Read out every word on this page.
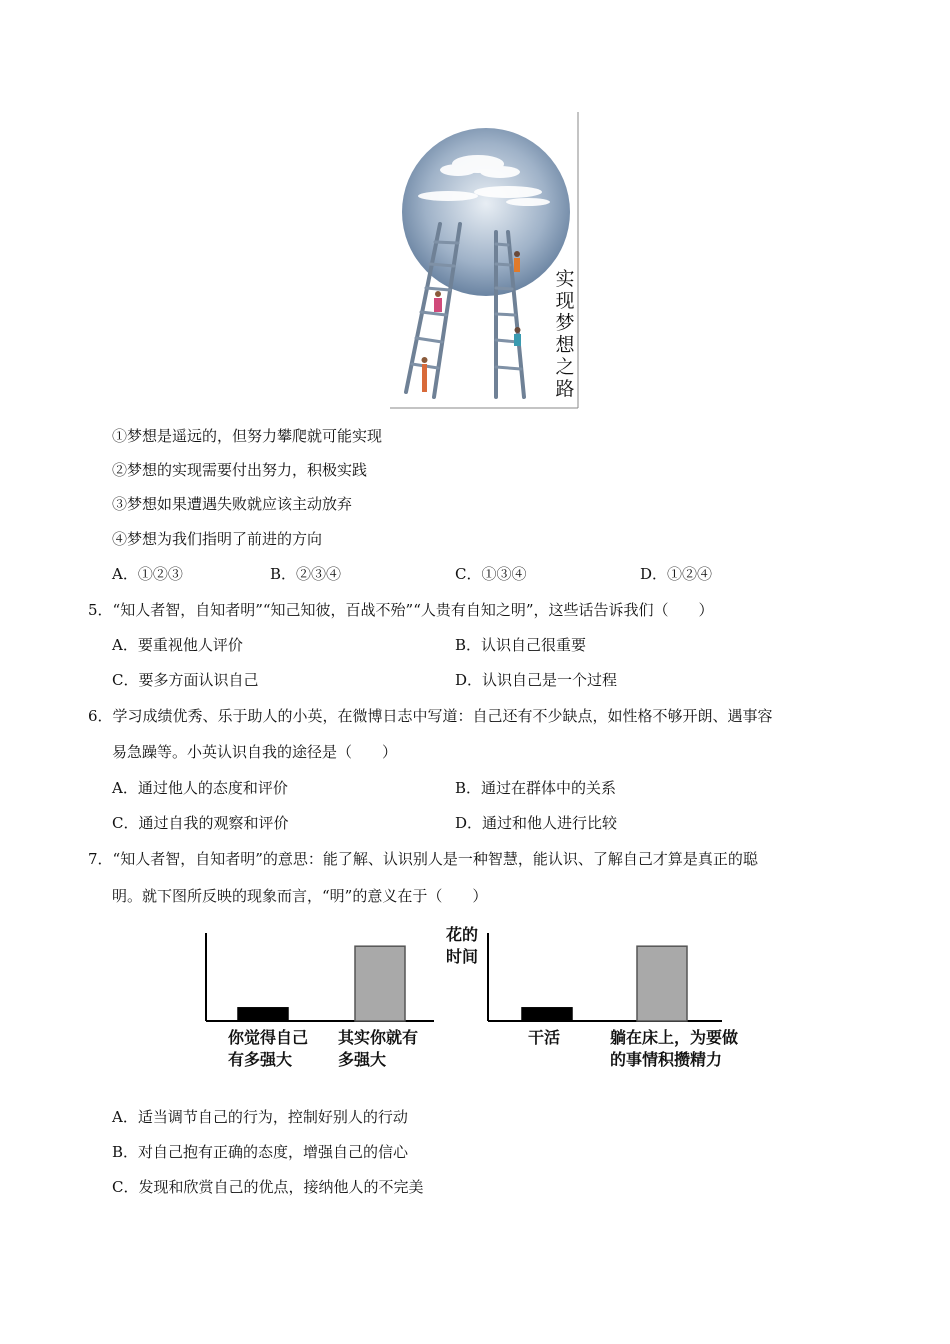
实现梦想之路
①梦想是遥远的，但努力攀爬就可能实现
②梦想的实现需要付出努力，积极实践
③梦想如果遭遇失败就应该主动放弃
④梦想为我们指明了前进的方向
A．①②③	B．②③④	C．①③④	D．①②④
5．“知人者智，自知者明”“知己知彼，百战不殆”“人贵有自知之明”，这些话告诉我们（　　）
A．要重视他人评价	B．认识自己很重要
C．要多方面认识自己	D．认识自己是一个过程
6．学习成绩优秀、乐于助人的小英，在微博日志中写道：自己还有不少缺点，如性格不够开朗、遇事容
易急躁等。小英认识自我的途径是（　　）
A．通过他人的态度和评价	B．通过在群体中的关系
C．通过自我的观察和评价	D．通过和他人进行比较
7．“知人者智，自知者明”的意思：能了解、认识别人是一种智慧，能认识、了解自己才算是真正的聪
明。就下图所反映的现象而言，“明”的意义在于（　　）
你觉得自己
有多强大
其实你就有
多强大
干活	躺在床上，为要做
的事情积攒精力
花的
时间
A．适当调节自己的行为，控制好别人的行动
B．对自己抱有正确的态度，增强自己的信心
C．发现和欣赏自己的优点，接纳他人的不完美
